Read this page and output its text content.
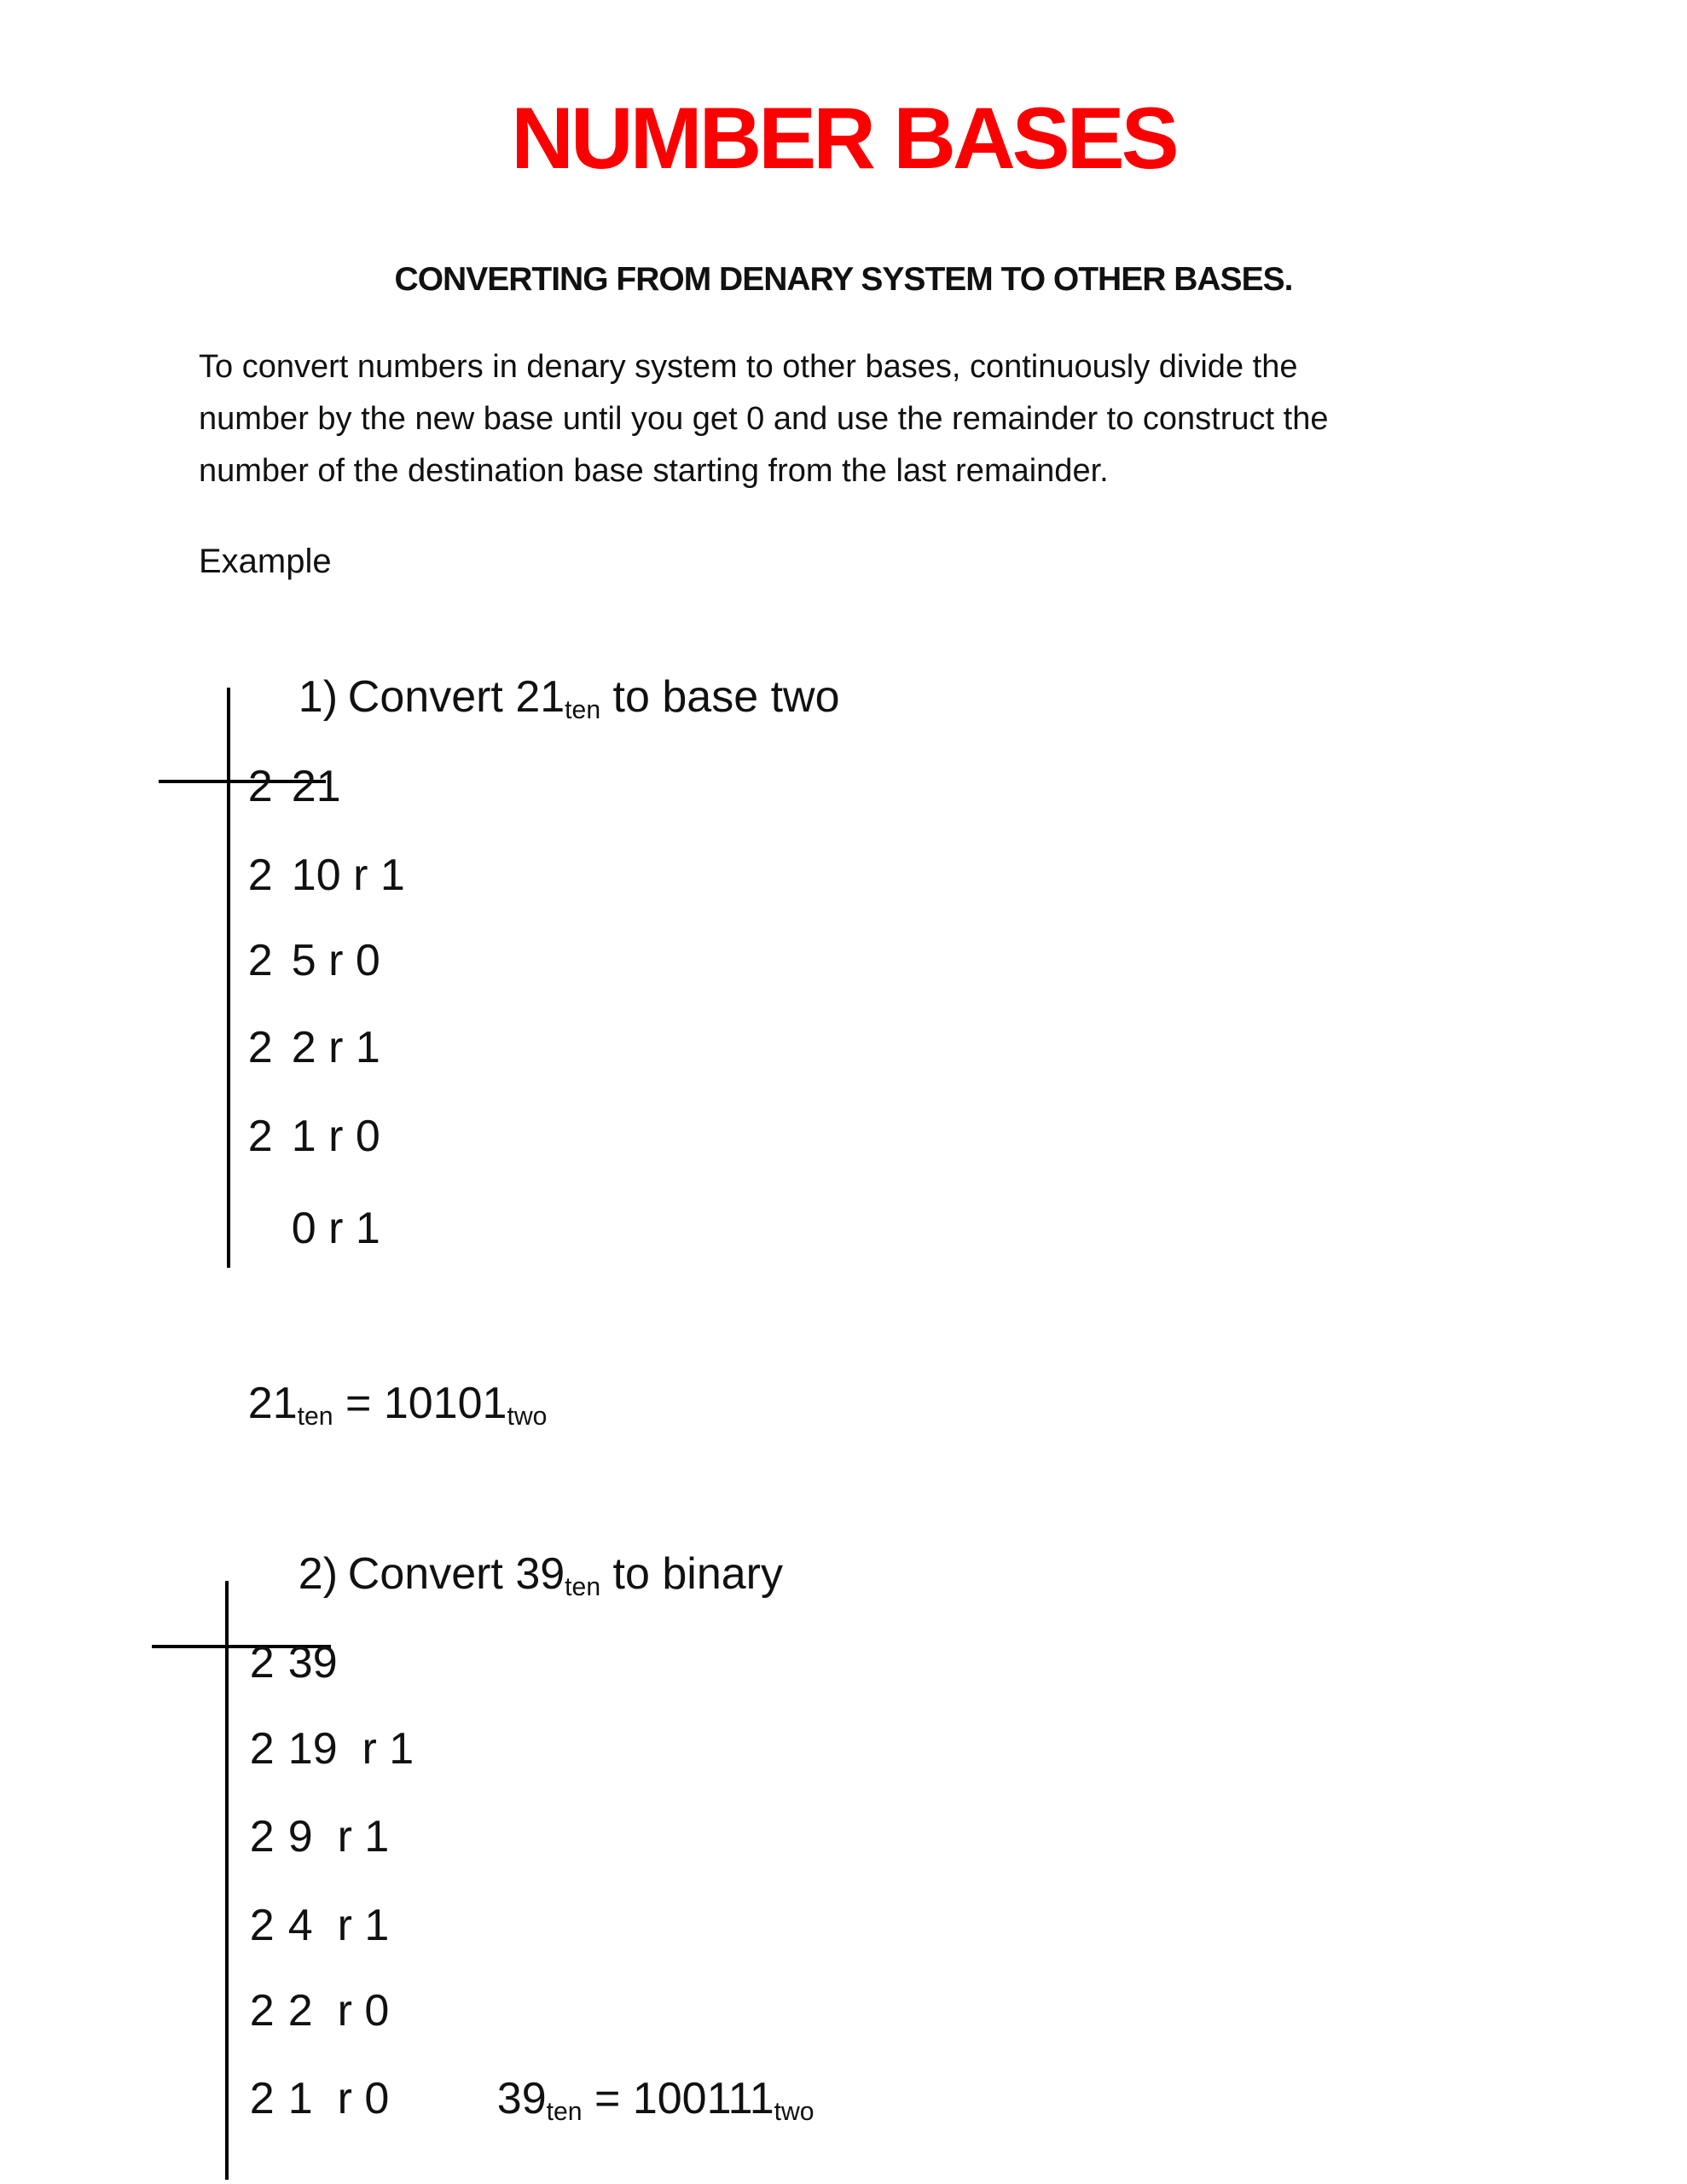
NUMBER BASES
CONVERTING FROM DENARY SYSTEM TO OTHER BASES.
To convert numbers in denary system to other bases, continuously divide the
number by the new base until you get 0 and use the remainder to construct the
number of the destination base starting from the last remainder.
Example

1) Convert 21ten to base two

2 21

2 10 r 1

2 5 r 0

2 2 r 1

2 1 r 0

0 r 1

21ten = 10101two

2) Convert 39ten to binary

2 39

2 19  r 1

2 9  r 1

2 4  r 1

2 2  r 0

2 1  r 0
	39ten = 100111two
